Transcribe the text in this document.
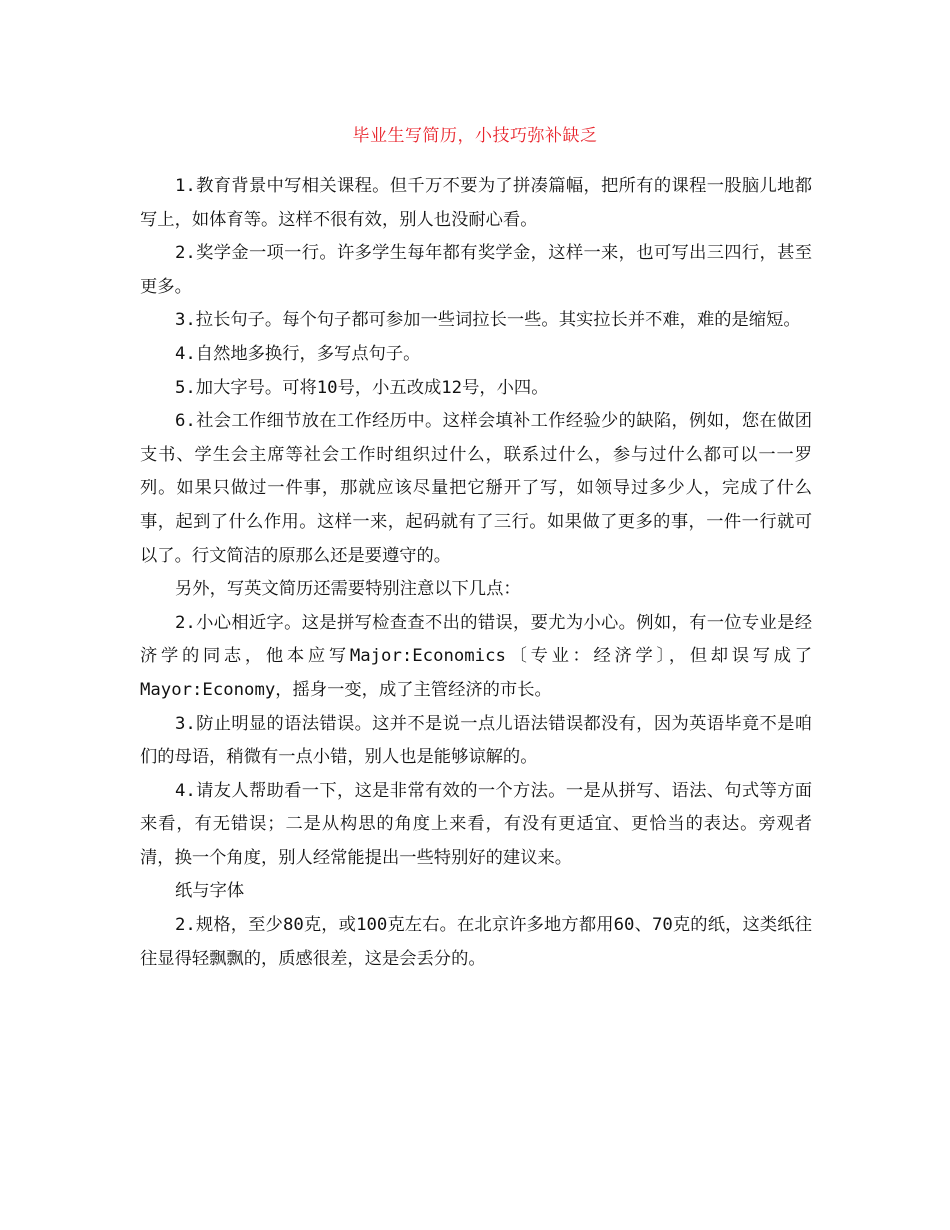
毕业生写简历，小技巧弥补缺乏

1.教育背景中写相关课程。但千万不要为了拼凑篇幅，把所有的课程一股脑儿地都写上，如体育等。这样不很有效，别人也没耐心看。

2.奖学金一项一行。许多学生每年都有奖学金，这样一来，也可写出三四行，甚至更多。

3.拉长句子。每个句子都可参加一些词拉长一些。其实拉长并不难，难的是缩短。

4.自然地多换行，多写点句子。

5.加大字号。可将10号，小五改成12号，小四。

6.社会工作细节放在工作经历中。这样会填补工作经验少的缺陷，例如，您在做团支书、学生会主席等社会工作时组织过什么，联系过什么，参与过什么都可以一一罗列。如果只做过一件事，那就应该尽量把它掰开了写，如领导过多少人，完成了什么事，起到了什么作用。这样一来，起码就有了三行。如果做了更多的事，一件一行就可以了。行文简洁的原那么还是要遵守的。

另外，写英文简历还需要特别注意以下几点：

2.小心相近字。这是拼写检查查不出的错误，要尤为小心。例如，有一位专业是经济学的同志，他本应写Major:Economics〔专业：经济学〕，但却误写成了Mayor:Economy，摇身一变，成了主管经济的市长。

3.防止明显的语法错误。这并不是说一点儿语法错误都没有，因为英语毕竟不是咱们的母语，稍微有一点小错，别人也是能够谅解的。

4.请友人帮助看一下，这是非常有效的一个方法。一是从拼写、语法、句式等方面来看，有无错误；二是从构思的角度上来看，有没有更适宜、更恰当的表达。旁观者清，换一个角度，别人经常能提出一些特别好的建议来。

纸与字体

2.规格，至少80克，或100克左右。在北京许多地方都用60、70克的纸，这类纸往往显得轻飘飘的，质感很差，这是会丢分的。
